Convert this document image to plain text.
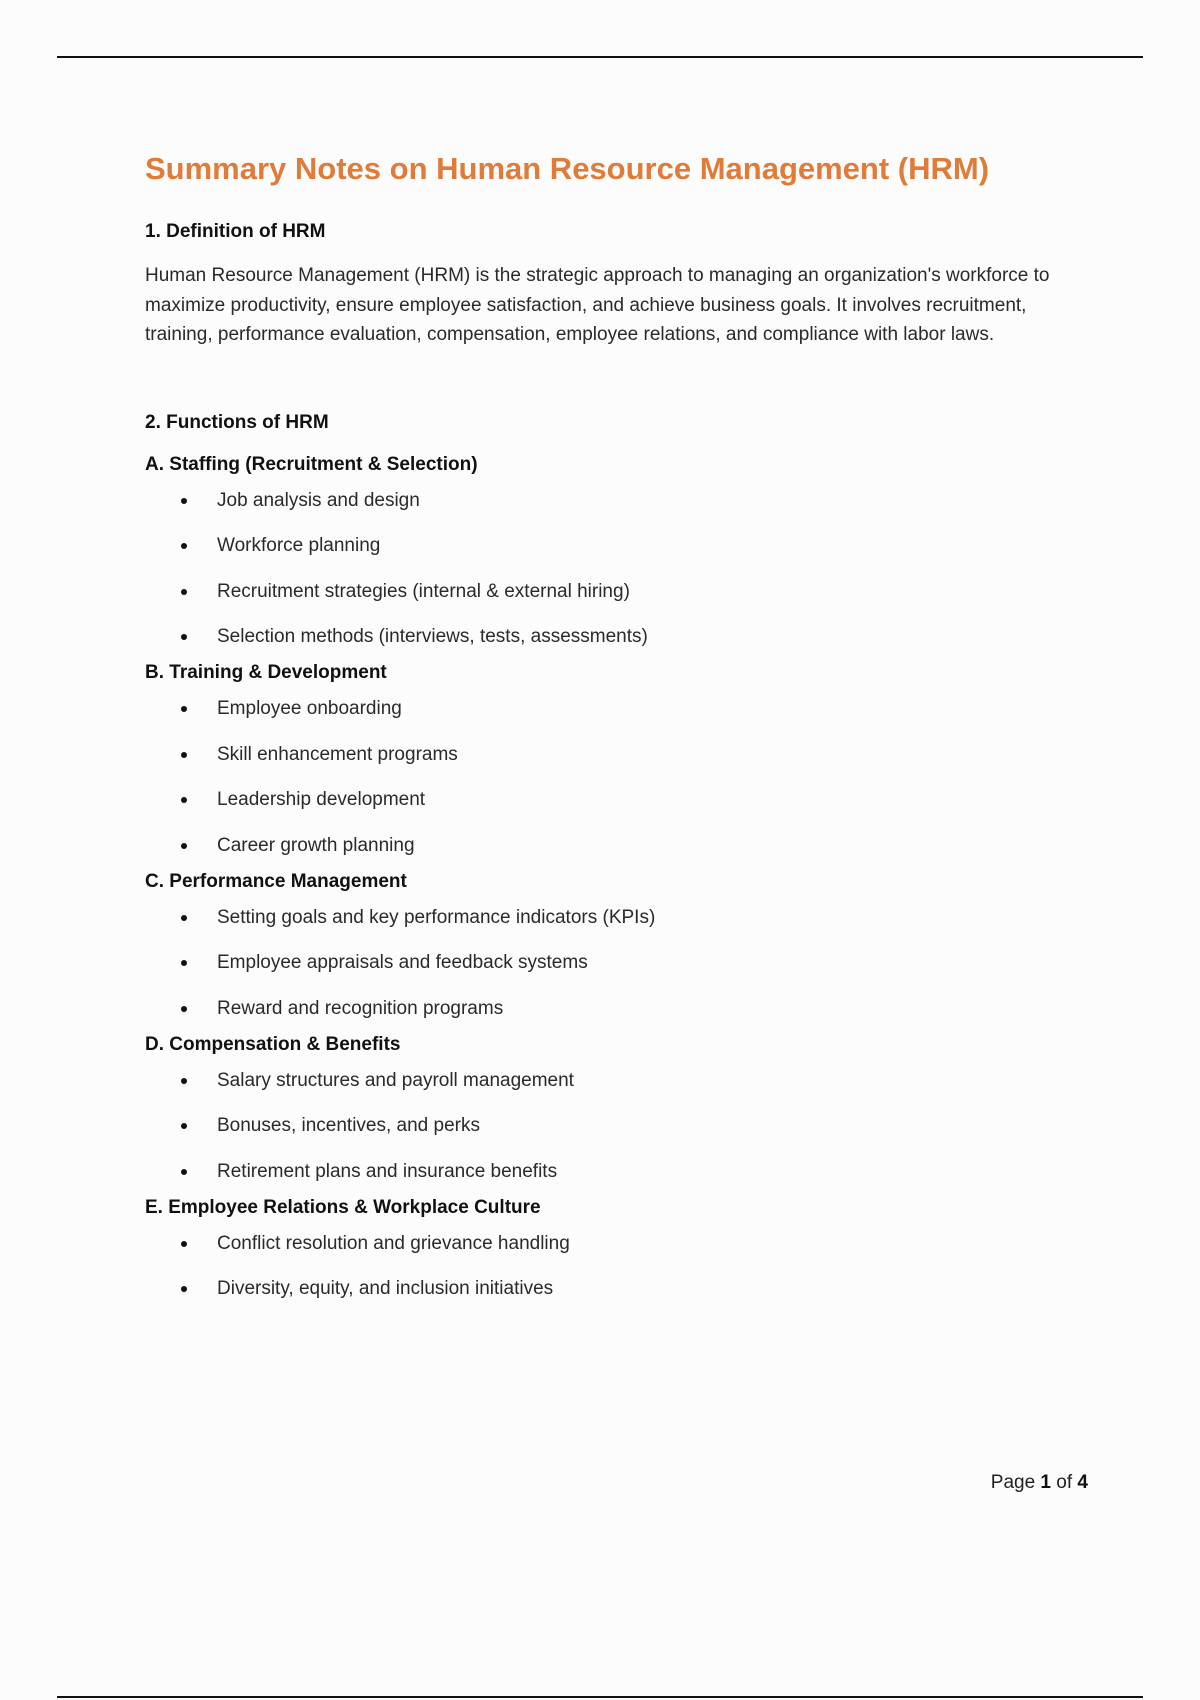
Summary Notes on Human Resource Management (HRM)
1. Definition of HRM

Human Resource Management (HRM) is the strategic approach to managing an organization's workforce to maximize productivity, ensure employee satisfaction, and achieve business goals. It involves recruitment, training, performance evaluation, compensation, employee relations, and compliance with labor laws.

2. Functions of HRM
A. Staffing (Recruitment & Selection)
Job analysis and design
Workforce planning
Recruitment strategies (internal & external hiring)
Selection methods (interviews, tests, assessments)
B. Training & Development
Employee onboarding
Skill enhancement programs
Leadership development
Career growth planning
C. Performance Management
Setting goals and key performance indicators (KPIs)
Employee appraisals and feedback systems
Reward and recognition programs
D. Compensation & Benefits
Salary structures and payroll management
Bonuses, incentives, and perks
Retirement plans and insurance benefits
E. Employee Relations & Workplace Culture
Conflict resolution and grievance handling
Diversity, equity, and inclusion initiatives
Page 1 of 4
